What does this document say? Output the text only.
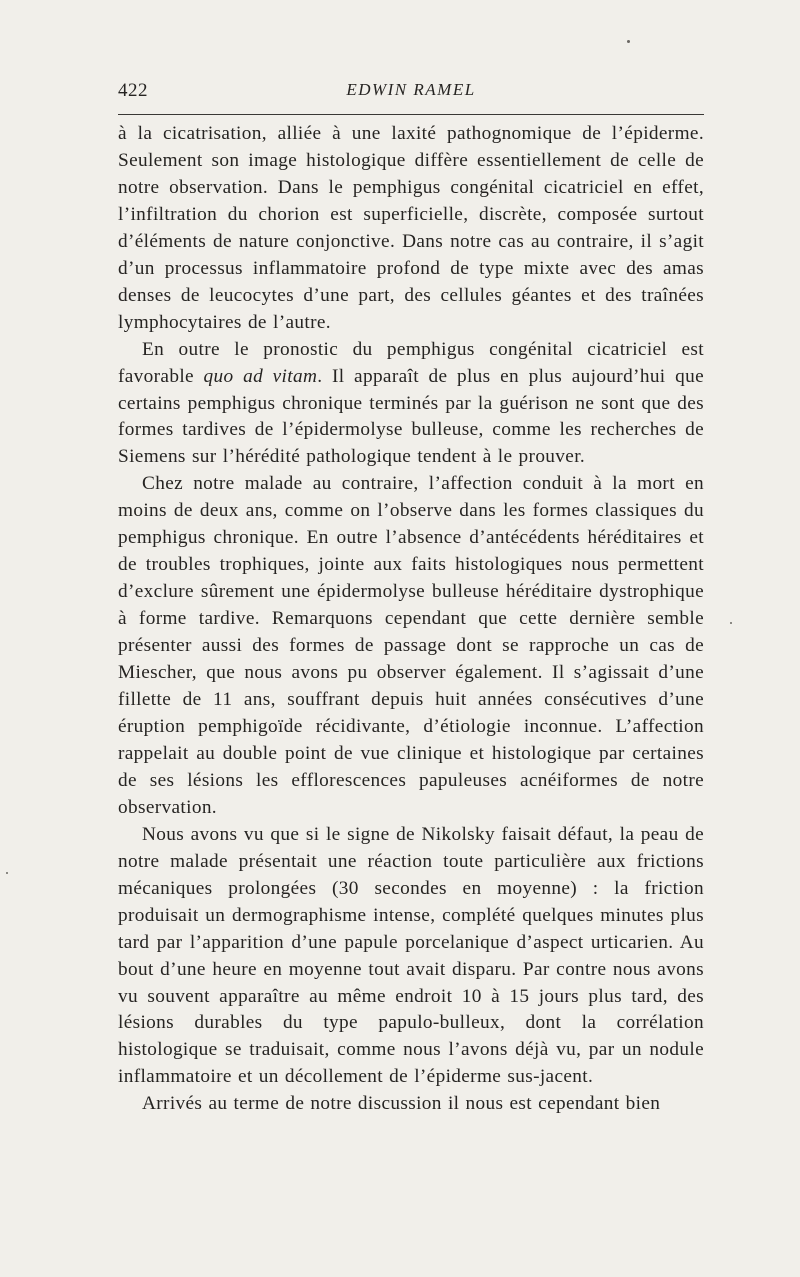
422	EDWIN RAMEL

à la cicatrisation, alliée à une laxité pathognomique de l’épiderme. Seulement son image histologique diffère essentiellement de celle de notre observation. Dans le pemphigus congénital cicatriciel en effet, l’infiltration du chorion est superficielle, discrète, composée surtout d’éléments de nature conjonctive. Dans notre cas au contraire, il s’agit d’un processus inflammatoire profond de type mixte avec des amas denses de leucocytes d’une part, des cellules géantes et des traînées lymphocytaires de l’autre.

En outre le pronostic du pemphigus congénital cicatriciel est favorable quo ad vitam. Il apparaît de plus en plus aujourd’hui que certains pemphigus chronique terminés par la guérison ne sont que des formes tardives de l’épidermolyse bulleuse, comme les recherches de Siemens sur l’hérédité pathologique tendent à le prouver.

Chez notre malade au contraire, l’affection conduit à la mort en moins de deux ans, comme on l’observe dans les formes classiques du pemphigus chronique. En outre l’absence d’antécédents héréditaires et de troubles trophiques, jointe aux faits histologiques nous permettent d’exclure sûrement une épidermolyse bulleuse héréditaire dystrophique à forme tardive. Remarquons cependant que cette dernière semble présenter aussi des formes de passage dont se rapproche un cas de Miescher, que nous avons pu observer également. Il s’agissait d’une fillette de 11 ans, souffrant depuis huit années consécutives d’une éruption pemphigoïde récidivante, d’étiologie inconnue. L’affection rappelait au double point de vue clinique et histologique par certaines de ses lésions les efflorescences papuleuses acnéiformes de notre observation.

Nous avons vu que si le signe de Nikolsky faisait défaut, la peau de notre malade présentait une réaction toute particulière aux frictions mécaniques prolongées (30 secondes en moyenne) : la friction produisait un dermographisme intense, complété quelques minutes plus tard par l’apparition d’une papule porcelanique d’aspect urticarien. Au bout d’une heure en moyenne tout avait disparu. Par contre nous avons vu souvent apparaître au même endroit 10 à 15 jours plus tard, des lésions durables du type papulo-bulleux, dont la corrélation histologique se traduisait, comme nous l’avons déjà vu, par un nodule inflammatoire et un décollement de l’épiderme sus-jacent.

Arrivés au terme de notre discussion il nous est cependant bien
